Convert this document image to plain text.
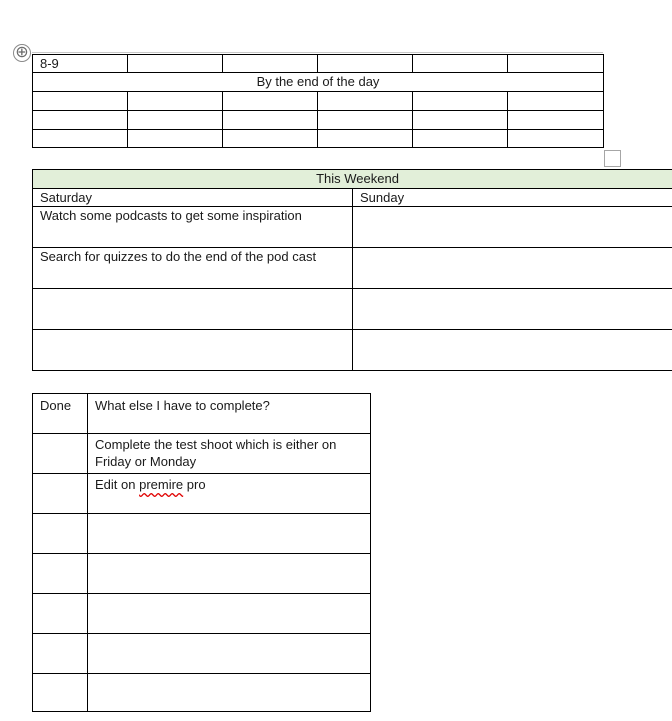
⊕
8-9					
By the end of the day					

This Weekend	
Saturday	Sunday
Watch some podcasts to get some inspiration	
Search for quizzes to do the end of the pod cast	

Done	What else I have to complete?
	Complete the test shoot which is either on Friday or Monday
	Edit on premire pro
